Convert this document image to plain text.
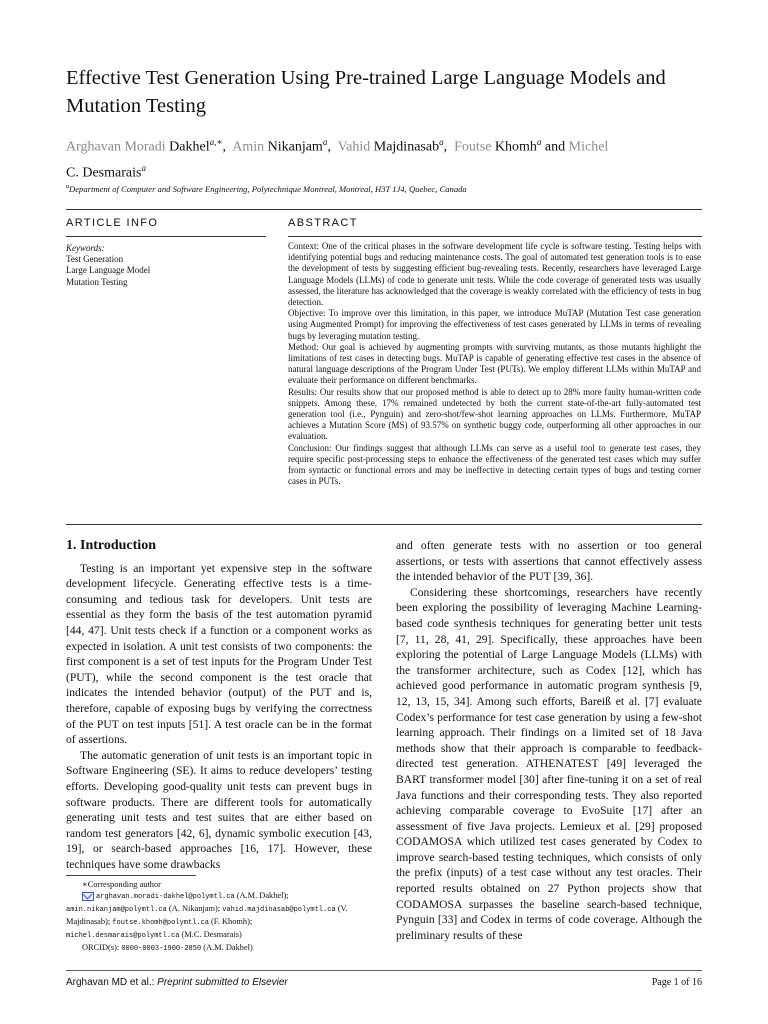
Effective Test Generation Using Pre-trained Large Language Models and Mutation Testing
Arghavan Moradi Dakhel$^{a,∗}$,  Amin Nikanjam$^a$,  Vahid Majdinasab$^a$,  Foutse Khomh$^a$ and Michel
C. Desmarais$^a$
$^a$Department of Computer and Software Engineering, Polytechnique Montreal, Montreal, H3T 1J4, Quebec, Canada
ARTICLE INFO	ABSTRACT
Keywords:
Test Generation
Large Language Model
Mutation Testing

Context: One of the critical phases in the software development life cycle is software testing. Testing helps with identifying potential bugs and reducing maintenance costs. The goal of automated test generation tools is to ease the development of tests by suggesting efficient bug-revealing tests. Recently, researchers have leveraged Large Language Models (LLMs) of code to generate unit tests. While the code coverage of generated tests was usually assessed, the literature has acknowledged that the coverage is weakly correlated with the efficiency of tests in bug detection.

Objective: To improve over this limitation, in this paper, we introduce MuTAP (Mutation Test case generation using Augmented Prompt) for improving the effectiveness of test cases generated by LLMs in terms of revealing bugs by leveraging mutation testing.

Method: Our goal is achieved by augmenting prompts with surviving mutants, as those mutants highlight the limitations of test cases in detecting bugs. MuTAP is capable of generating effective test cases in the absence of natural language descriptions of the Program Under Test (PUTs). We employ different LLMs within MuTAP and evaluate their performance on different benchmarks.

Results: Our results show that our proposed method is able to detect up to 28% more faulty human-written code snippets. Among these, 17% remained undetected by both the current state-of-the-art fully-automated test generation tool (i.e., Pynguin) and zero-shot/few-shot learning approaches on LLMs. Furthermore, MuTAP achieves a Mutation Score (MS) of 93.57% on synthetic buggy code, outperforming all other approaches in our evaluation.

Conclusion: Our findings suggest that although LLMs can serve as a useful tool to generate test cases, they require specific post-processing steps to enhance the effectiveness of the generated test cases which may suffer from syntactic or functional errors and may be ineffective in detecting certain types of bugs and testing corner cases in PUTs.

1. Introduction

Testing is an important yet expensive step in the software development lifecycle. Generating effective tests is a time-consuming and tedious task for developers. Unit tests are essential as they form the basis of the test automation pyramid [44, 47]. Unit tests check if a function or a component works as expected in isolation. A unit test consists of two components: the first component is a set of test inputs for the Program Under Test (PUT), while the second component is the test oracle that indicates the intended behavior (output) of the PUT and is, therefore, capable of exposing bugs by verifying the correctness of the PUT on test inputs [51]. A test oracle can be in the format of assertions.

The automatic generation of unit tests is an important topic in Software Engineering (SE). It aims to reduce developers’ testing efforts. Developing good-quality unit tests can prevent bugs in software products. There are different tools for automatically generating unit tests and test suites that are either based on random test generators [42, 6], dynamic symbolic execution [43, 19], or search-based approaches [16, 17]. However, these techniques have some drawbacks

and often generate tests with no assertion or too general assertions, or tests with assertions that cannot effectively assess the intended behavior of the PUT [39, 36].

Considering these shortcomings, researchers have recently been exploring the possibility of leveraging Machine Learning-based code synthesis techniques for generating better unit tests [7, 11, 28, 41, 29]. Specifically, these approaches have been exploring the potential of Large Language Models (LLMs) with the transformer architecture, such as Codex [12], which has achieved good performance in automatic program synthesis [9, 12, 13, 15, 34]. Among such efforts, Bareiß et al. [7] evaluate Codex’s performance for test case generation by using a few-shot learning approach. Their findings on a limited set of 18 Java methods show that their approach is comparable to feedback-directed test generation. ATHENATEST [49] leveraged the BART transformer model [30] after fine-tuning it on a set of real Java functions and their corresponding tests. They also reported achieving comparable coverage to EvoSuite [17] after an assessment of five Java projects. Lemieux et al. [29] proposed CODAMOSA which utilized test cases generated by Codex to improve search-based testing techniques, which consists of only the prefix (inputs) of a test case without any test oracles. Their reported results obtained on 27 Python projects show that CODAMOSA surpasses the baseline search-based technique, Pynguin [33] and Codex in terms of code coverage. Although the preliminary results of these

∗Corresponding author
arghavan.moradi-dakhel@polymtl.ca (A.M. Dakhel);
amin.nikanjam@polymtl.ca (A. Nikanjam); vahid.majdinasab@polymtl.ca (V. Majdinasab); foutse.khomh@polymtl.ca (F. Khomh);
michel.desmarais@polymtl.ca (M.C. Desmarais)
ORCID(s): 0000-0003-1900-2850 (A.M. Dakhel)
Arghavan MD et al.: Preprint submitted to Elsevier	Page 1 of 16
